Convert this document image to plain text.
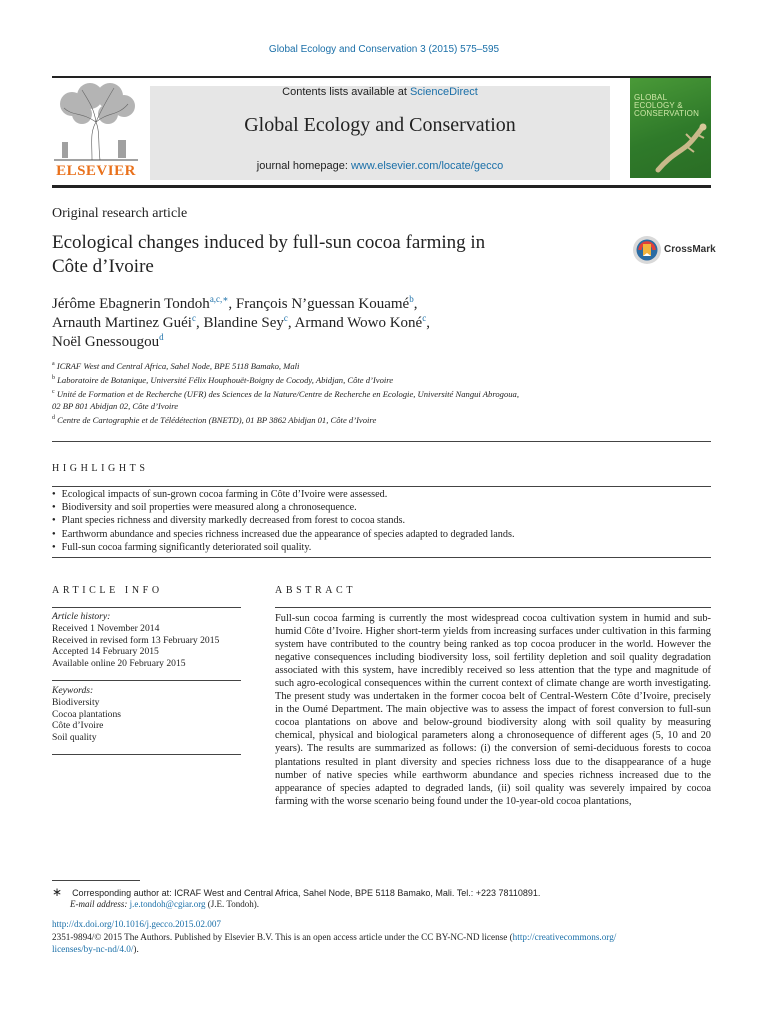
Global Ecology and Conservation 3 (2015) 575–595
ELSEVIER
Contents lists available at ScienceDirect
Global Ecology and Conservation
journal homepage: www.elsevier.com/locate/gecco
GLOBAL
ECOLOGY &
CONSERVATION
Original research article
Ecological changes induced by full-sun cocoa farming in
Côte d’Ivoire
CrossMark
Jérôme Ebagnerin Tondoh$^{a,c,∗}$, François N’guessan Kouamé$^b$,
Arnauth Martinez Guéi$^c$, Blandine Sey$^c$, Armand Wowo Koné$^c$,
Noël Gnessougou$^d$
$^a$ ICRAF West and Central Africa, Sahel Node, BPE 5118 Bamako, Mali
$^b$ Laboratoire de Botanique, Université Félix Houphouët-Boigny de Cocody, Abidjan, Côte d’Ivoire
$^c$ Unité de Formation et de Recherche (UFR) des Sciences de la Nature/Centre de Recherche en Ecologie, Université Nangui Abrogoua,
02 BP 801 Abidjan 02, Côte d’Ivoire
$^d$ Centre de Cartographie et de Télédétection (BNETD), 01 BP 3862 Abidjan 01, Côte d’Ivoire
HIGHLIGHTS
● Ecological impacts of sun-grown cocoa farming in Côte d’Ivoire were assessed.
● Biodiversity and soil properties were measured along a chronosequence.
● Plant species richness and diversity markedly decreased from forest to cocoa stands.
● Earthworm abundance and species richness increased due the appearance of species adapted to degraded lands.
● Full-sun cocoa farming significantly deteriorated soil quality.
ARTICLE INFO
Article history:
Received 1 November 2014
Received in revised form 13 February 2015
Accepted 14 February 2015
Available online 20 February 2015
Keywords:
Biodiversity
Cocoa plantations
Côte d’Ivoire
Soil quality
ABSTRACT
Full-sun cocoa farming is currently the most widespread cocoa cultivation system in humid and sub-humid Côte d’Ivoire. Higher short-term yields from increasing surfaces under cultivation in this farming system have contributed to the country being ranked as top cocoa producer in the world. However the negative consequences including biodiversity loss, soil fertility depletion and soil quality degradation associated with this system, have incredibly received so less attention that the type and magnitude of such agro-ecological consequences within the current context of climate change are worth investigating. The present study was undertaken in the former cocoa belt of Central-Western Côte d’Ivoire, precisely in the Oumé Department. The main objective was to assess the impact of forest conversion to full-sun cocoa plantations on above and below-ground biodiversity along with soil quality by measuring chemical, physical and biological parameters along a chronosequence of different ages (5, 10 and 20 years). The results are summarized as follows: (i) the conversion of semi-deciduous forests to cocoa plantations resulted in plant diversity and species richness loss due to the disappearance of a huge number of native species while earthworm abundance and species richness increased due to the appearance of species adapted to degraded lands, (ii) soil quality was severely impaired by cocoa farming with the worse scenario being found under the 10-year-old cocoa plantations,
∗ Corresponding author at: ICRAF West and Central Africa, Sahel Node, BPE 5118 Bamako, Mali. Tel.: +223 78110891.
E-mail address: j.e.tondoh@cgiar.org (J.E. Tondoh).
http://dx.doi.org/10.1016/j.gecco.2015.02.007
2351-9894/© 2015 The Authors. Published by Elsevier B.V. This is an open access article under the CC BY-NC-ND license (http://creativecommons.org/
licenses/by-nc-nd/4.0/).
